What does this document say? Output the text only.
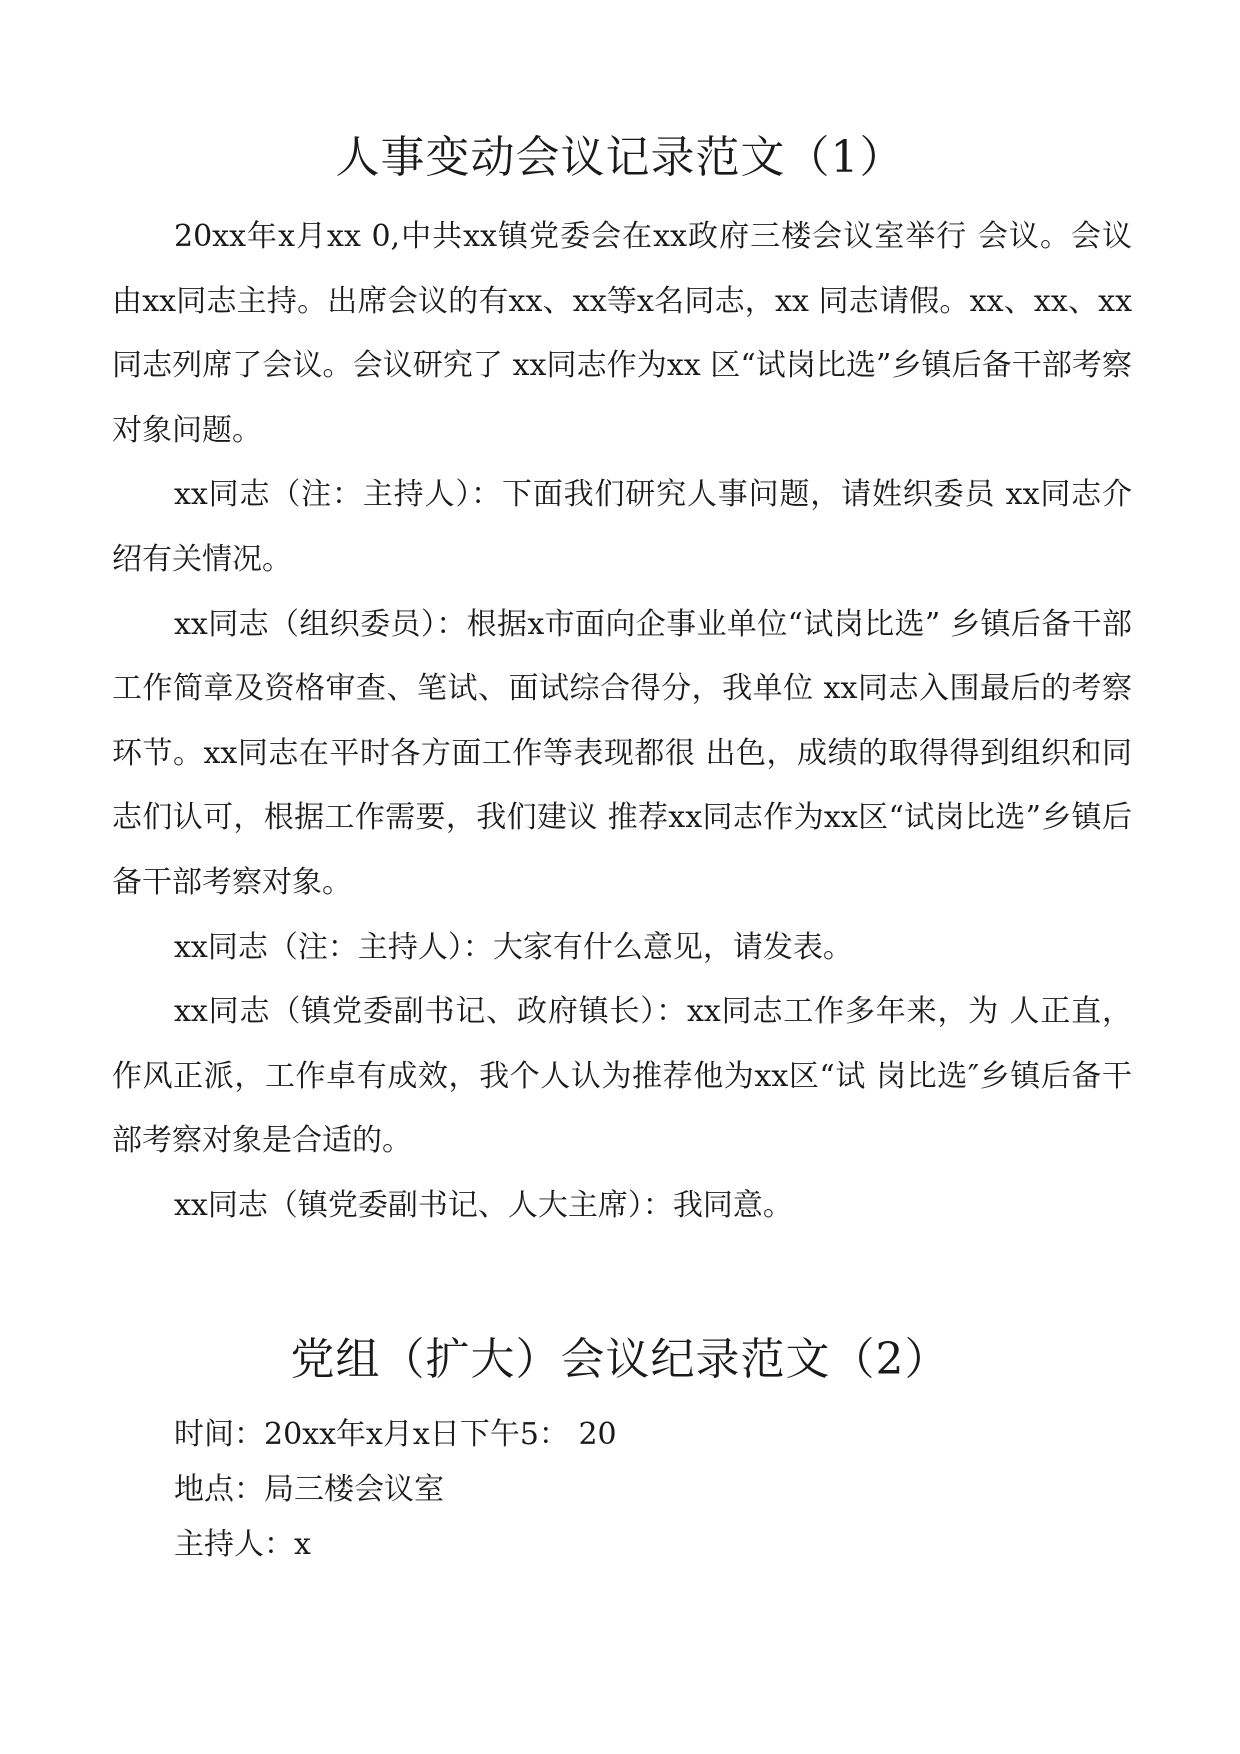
人事变动会议记录范文（1）

20xx年x月xx 0,中共xx镇党委会在xx政府三楼会议室举行 会议。会议由xx同志主持。出席会议的有xx、xx等x名同志，xx 同志请假。xx、xx、xx同志列席了会议。会议研究了 xx同志作为xx 区“试岗比选”乡镇后备干部考察对象问题。

xx同志（注：主持人）：下面我们研究人事问题，请姓织委员 xx同志介绍有关情况。

xx同志（组织委员）：根据x市面向企事业单位“试岗比选” 乡镇后备干部工作简章及资格审查、笔试、面试综合得分，我单位 xx同志入围最后的考察环节。xx同志在平时各方面工作等表现都很 出色，成绩的取得得到组织和同志们认可，根据工作需要，我们建议 推荐xx同志作为xx区“试岗比选”乡镇后备干部考察对象。

xx同志（注：主持人）：大家有什么意见，请发表。

xx同志（镇党委副书记、政府镇长）：xx同志工作多年来，为 人正直，作风正派，工作卓有成效，我个人认为推荐他为xx区“试 岗比选″乡镇后备干部考察对象是合适的。

xx同志（镇党委副书记、人大主席）：我同意。

党组（扩大）会议纪录范文（2）

时间：20xx年x月x日下午5： 20

地点：局三楼会议室

主持人：x
